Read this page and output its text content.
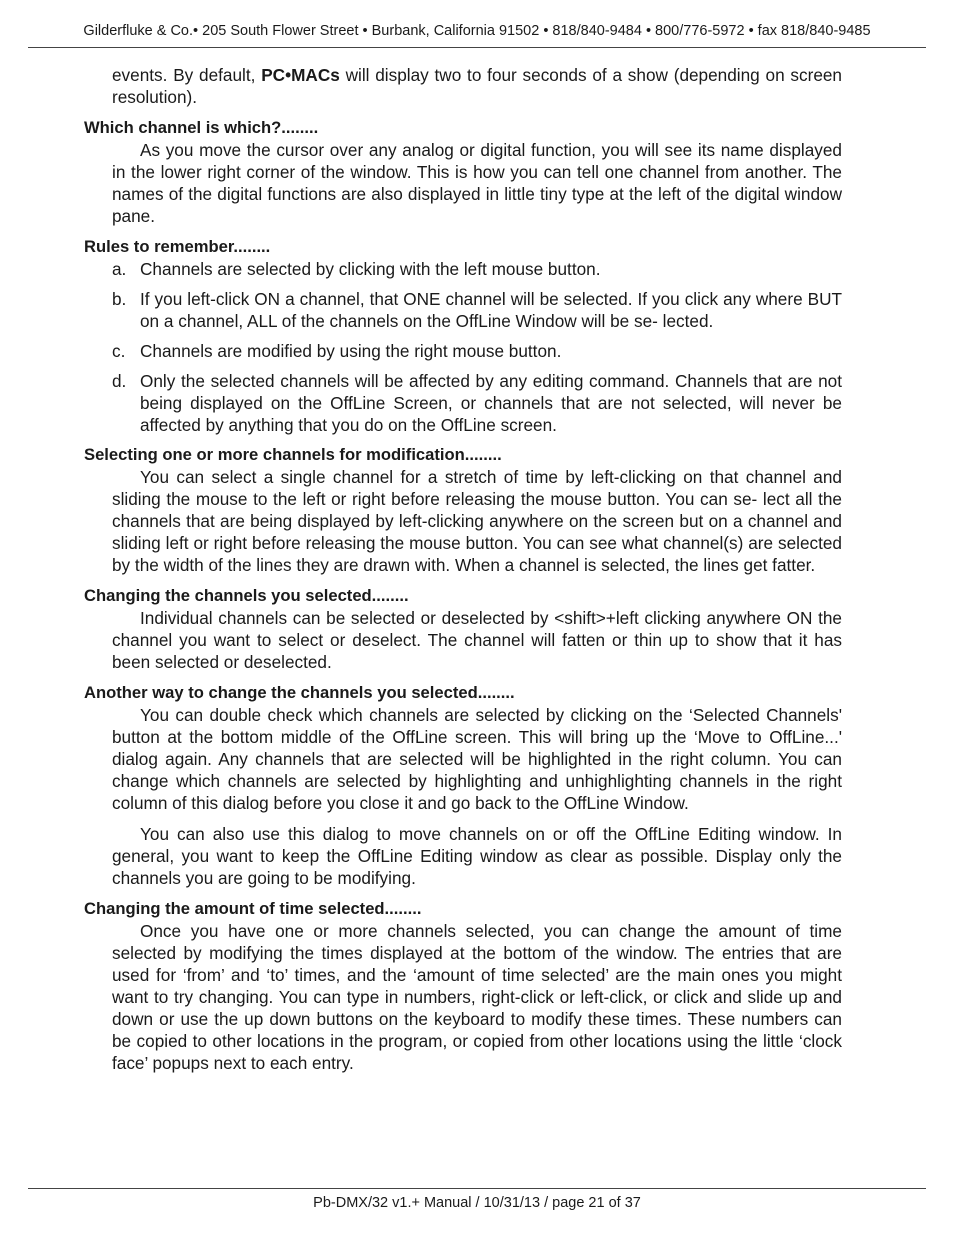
Gilderfluke & Co.• 205 South Flower Street • Burbank, California 91502 • 818/840-9484 • 800/776-5972 • fax 818/840-9485

events. By default, PC•MACs will display two to four seconds of a show (depending on screen resolution).

Which channel is which?........

As you move the cursor over any analog or digital function, you will see its name displayed in the lower right corner of the window. This is how you can tell one channel from another. The names of the digital functions are also displayed in little tiny type at the left of the digital window pane.

Rules to remember........
a. Channels are selected by clicking with the left mouse button.
b. If you left-click ON a channel, that ONE channel will be selected. If you click any where BUT on a channel, ALL of the channels on the OffLine Window will be se- lected.
c. Channels are modified by using the right mouse button.
d. Only the selected channels will be affected by any editing command. Channels that are not being displayed on the OffLine Screen, or channels that are not selected, will never be affected by anything that you do on the OffLine screen.
Selecting one or more channels for modification........

You can select a single channel for a stretch of time by left-clicking on that channel and sliding the mouse to the left or right before releasing the mouse button. You can se- lect all the channels that are being displayed by left-clicking anywhere on the screen but on a channel and sliding left or right before releasing the mouse button. You can see what channel(s) are selected by the width of the lines they are drawn with. When a channel is selected, the lines get fatter.

Changing the channels you selected........

Individual channels can be selected or deselected by <shift>+left clicking anywhere ON the channel you want to select or deselect. The channel will fatten or thin up to show that it has been selected or deselected.

Another way to change the channels you selected........

You can double check which channels are selected by clicking on the ‘Selected Channels' button at the bottom middle of the OffLine screen. This will bring up the ‘Move to OffLine...' dialog again. Any channels that are selected will be highlighted in the right column. You can change which channels are selected by highlighting and unhighlighting channels in the right column of this dialog before you close it and go back to the OffLine Window.

You can also use this dialog to move channels on or off the OffLine Editing window. In general, you want to keep the OffLine Editing window as clear as possible. Display only the channels you are going to be modifying.

Changing the amount of time selected........

Once you have one or more channels selected, you can change the amount of time selected by modifying the times displayed at the bottom of the window. The entries that are used for ‘from’ and ‘to’ times, and the ‘amount of time selected’ are the main ones you might want to try changing. You can type in numbers, right-click or left-click, or click and slide up and down or use the up down buttons on the keyboard to modify these times. These numbers can be copied to other locations in the program, or copied from other locations using the little ‘clock face’ popups next to each entry.

Pb-DMX/32 v1.+ Manual / 10/31/13 / page 21 of 37
